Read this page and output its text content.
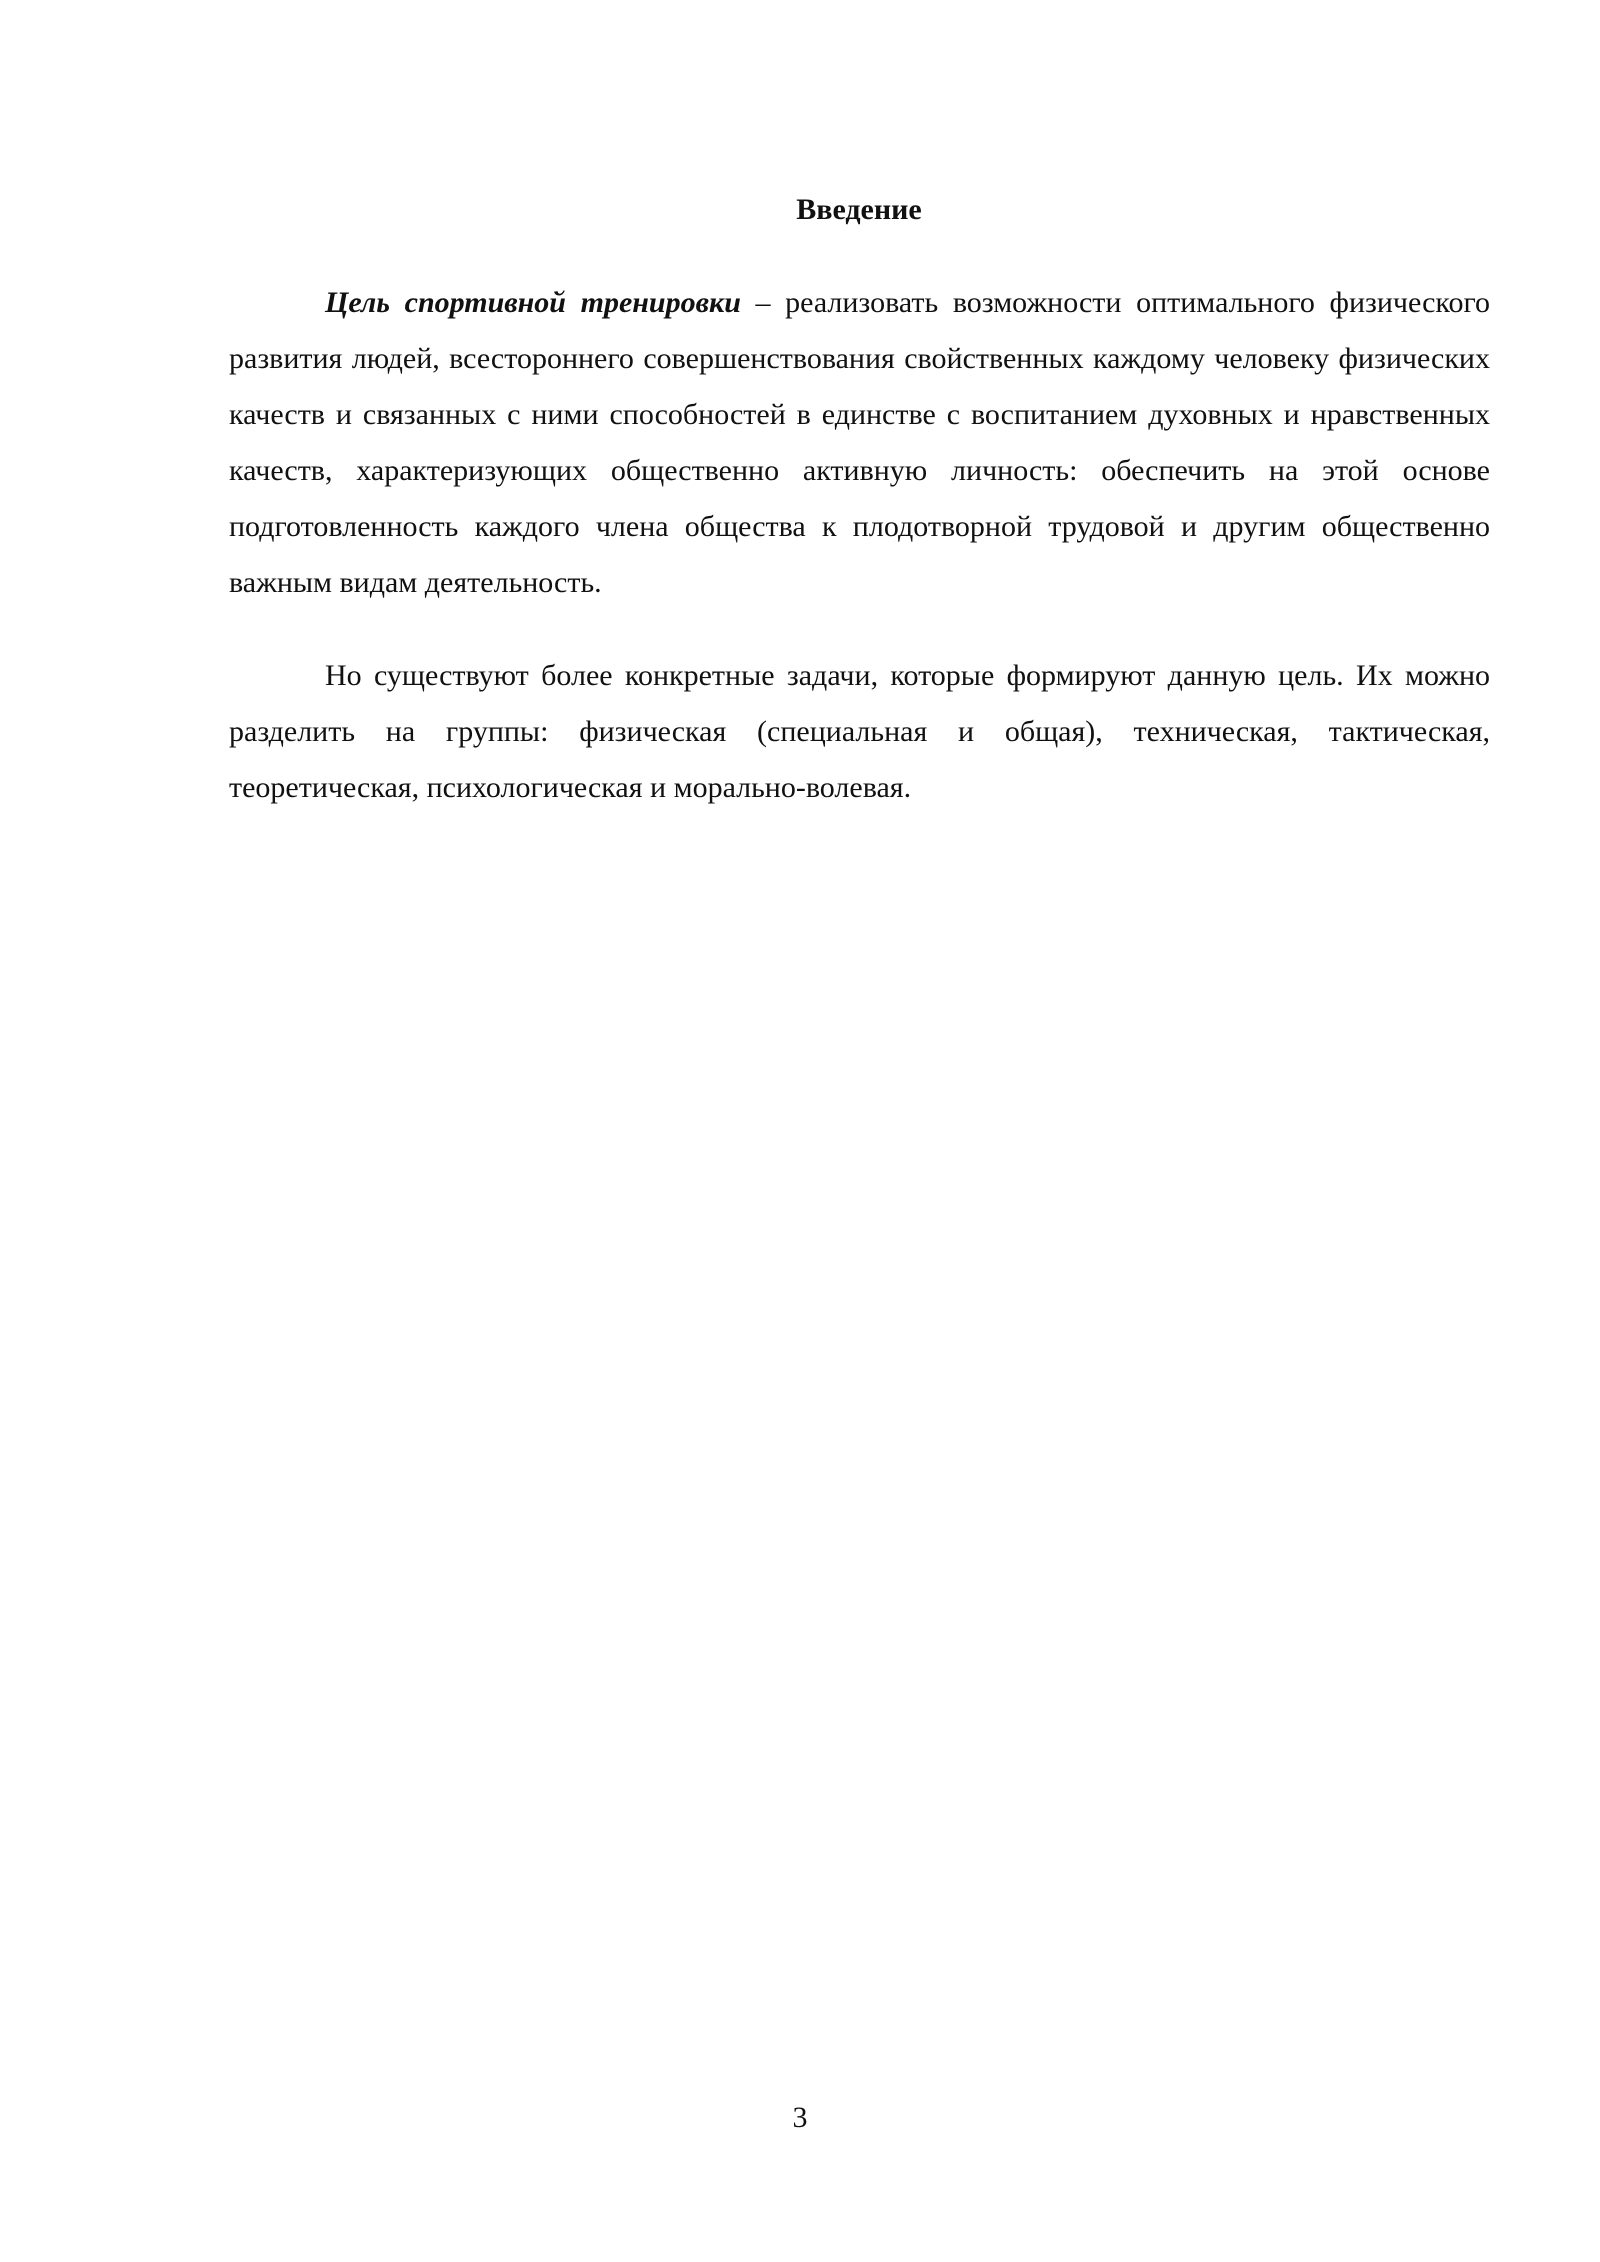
Введение

Цель спортивной тренировки – реализовать возможности оптимального физического развития людей, всестороннего совершенствования свойственных каждому человеку физических качеств и связанных с ними способностей в единстве с воспитанием духовных и нравственных качеств, характеризующих общественно активную личность: обеспечить на этой основе подготовленность каждого члена общества к плодотворной трудовой и другим общественно важным видам деятельность.

Но существуют более конкретные задачи, которые формируют данную цель. Их можно разделить на группы: физическая (специальная и общая), техническая, тактическая, теоретическая, психологическая и морально-волевая.

3
